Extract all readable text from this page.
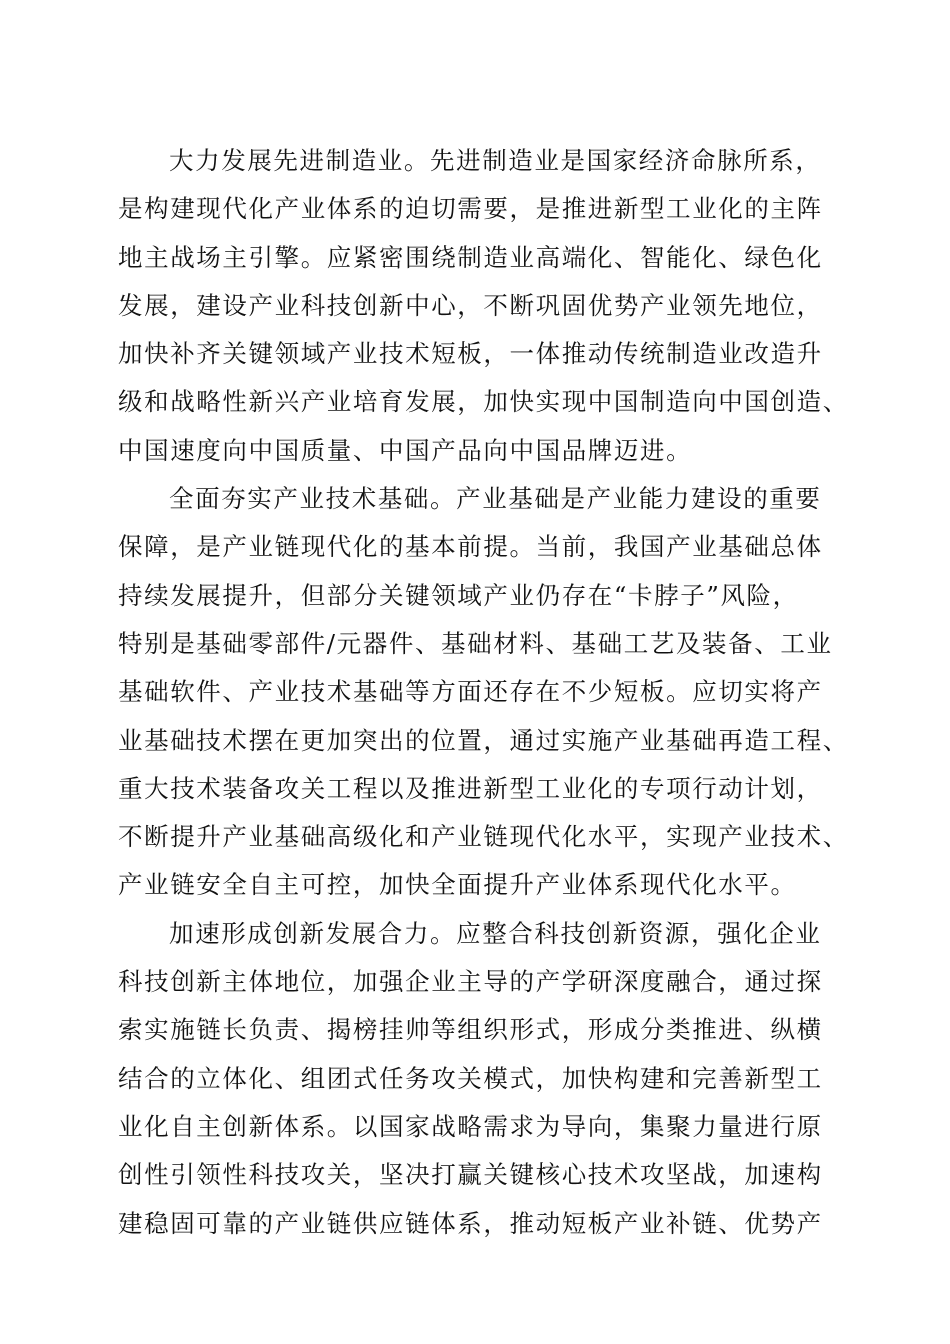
大力发展先进制造业。先进制造业是国家经济命脉所系，
是构建现代化产业体系的迫切需要，是推进新型工业化的主阵
地主战场主引擎。应紧密围绕制造业高端化、智能化、绿色化
发展，建设产业科技创新中心，不断巩固优势产业领先地位，
加快补齐关键领域产业技术短板，一体推动传统制造业改造升
级和战略性新兴产业培育发展，加快实现中国制造向中国创造、
中国速度向中国质量、中国产品向中国品牌迈进。
全面夯实产业技术基础。产业基础是产业能力建设的重要
保障，是产业链现代化的基本前提。当前，我国产业基础总体
持续发展提升，但部分关键领域产业仍存在“卡脖子”风险，
特别是基础零部件/元器件、基础材料、基础工艺及装备、工业
基础软件、产业技术基础等方面还存在不少短板。应切实将产
业基础技术摆在更加突出的位置，通过实施产业基础再造工程、
重大技术装备攻关工程以及推进新型工业化的专项行动计划，
不断提升产业基础高级化和产业链现代化水平，实现产业技术、
产业链安全自主可控，加快全面提升产业体系现代化水平。
加速形成创新发展合力。应整合科技创新资源，强化企业
科技创新主体地位，加强企业主导的产学研深度融合，通过探
索实施链长负责、揭榜挂帅等组织形式，形成分类推进、纵横
结合的立体化、组团式任务攻关模式，加快构建和完善新型工
业化自主创新体系。以国家战略需求为导向，集聚力量进行原
创性引领性科技攻关，坚决打赢关键核心技术攻坚战，加速构
建稳固可靠的产业链供应链体系，推动短板产业补链、优势产
